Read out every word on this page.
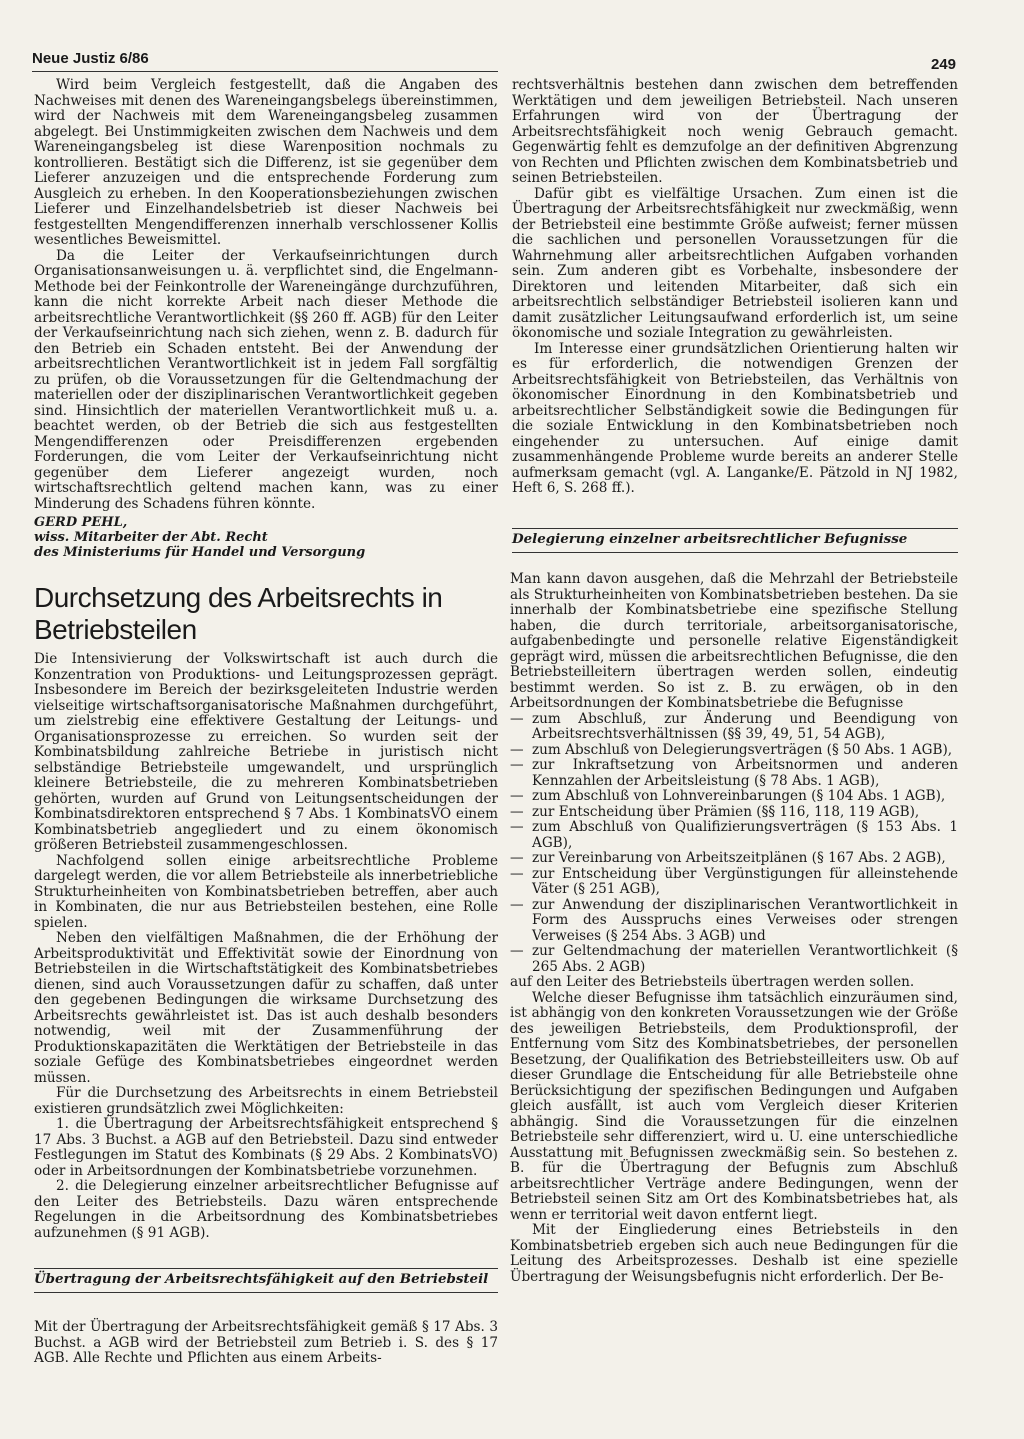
Neue Justiz 6/86	249

Wird beim Vergleich festgestellt, daß die Angaben des Nachweises mit denen des Wareneingangsbelegs übereinstimmen, wird der Nachweis mit dem Wareneingangsbeleg zusammen abgelegt. Bei Unstimmigkeiten zwischen dem Nachweis und dem Wareneingangsbeleg ist diese Warenposition nochmals zu kontrollieren. Bestätigt sich die Differenz, ist sie gegenüber dem Lieferer anzuzeigen und die entsprechende Forderung zum Ausgleich zu erheben. In den Kooperationsbeziehungen zwischen Lieferer und Einzelhandelsbetrieb ist dieser Nachweis bei festgestellten Mengendifferenzen innerhalb verschlossener Kollis wesentliches Beweismittel.

Da die Leiter der Verkaufseinrichtungen durch Organisationsanweisungen u. ä. verpflichtet sind, die Engelmann-Methode bei der Feinkontrolle der Wareneingänge durchzuführen, kann die nicht korrekte Arbeit nach dieser Methode die arbeitsrechtliche Verantwortlichkeit (§§ 260 ff. AGB) für den Leiter der Verkaufseinrichtung nach sich ziehen, wenn z. B. dadurch für den Betrieb ein Schaden entsteht. Bei der Anwendung der arbeitsrechtlichen Verantwortlichkeit ist in jedem Fall sorgfältig zu prüfen, ob die Voraussetzungen für die Geltendmachung der materiellen oder der disziplinarischen Verantwortlichkeit gegeben sind. Hinsichtlich der materiellen Verantwortlichkeit muß u. a. beachtet werden, ob der Betrieb die sich aus festgestellten Mengendifferenzen oder Preisdifferenzen ergebenden Forderungen, die vom Leiter der Verkaufseinrichtung nicht gegenüber dem Lieferer angezeigt wurden, noch wirtschaftsrechtlich geltend machen kann, was zu einer Minderung des Schadens führen könnte.

GERD PEHL,
wiss. Mitarbeiter der Abt. Recht
des Ministeriums für Handel und Versorgung

rechtsverhältnis bestehen dann zwischen dem betreffenden Werktätigen und dem jeweiligen Betriebsteil. Nach unseren Erfahrungen wird von der Übertragung der Arbeitsrechtsfähigkeit noch wenig Gebrauch gemacht. Gegenwärtig fehlt es demzufolge an der definitiven Abgrenzung von Rechten und Pflichten zwischen dem Kombinatsbetrieb und seinen Betriebsteilen.

Dafür gibt es vielfältige Ursachen. Zum einen ist die Übertragung der Arbeitsrechtsfähigkeit nur zweckmäßig, wenn der Betriebsteil eine bestimmte Größe aufweist; ferner müssen die sachlichen und personellen Voraussetzungen für die Wahrnehmung aller arbeitsrechtlichen Aufgaben vorhanden sein. Zum anderen gibt es Vorbehalte, insbesondere der Direktoren und leitenden Mitarbeiter, daß sich ein arbeitsrechtlich selbständiger Betriebsteil isolieren kann und damit zusätzlicher Leitungsaufwand erforderlich ist, um seine ökonomische und soziale Integration zu gewährleisten.

Im Interesse einer grundsätzlichen Orientierung halten wir es für erforderlich, die notwendigen Grenzen der Arbeitsrechtsfähigkeit von Betriebsteilen, das Verhältnis von ökonomischer Einordnung in den Kombinatsbetrieb und arbeitsrechtlicher Selbständigkeit sowie die Bedingungen für die soziale Entwicklung in den Kombinatsbetrieben noch eingehender zu untersuchen. Auf einige damit zusammenhängende Probleme wurde bereits an anderer Stelle aufmerksam gemacht (vgl. A. Langanke/E. Pätzold in NJ 1982, Heft 6, S. 268 ff.).

Delegierung einzelner arbeitsrechtlicher Befugnisse
Durchsetzung des Arbeitsrechts in Betriebsteilen

Die Intensivierung der Volkswirtschaft ist auch durch die Konzentration von Produktions- und Leitungsprozessen geprägt. Insbesondere im Bereich der bezirksgeleiteten Industrie werden vielseitige wirtschaftsorganisatorische Maßnahmen durchgeführt, um zielstrebig eine effektivere Gestaltung der Leitungs- und Organisationsprozesse zu erreichen. So wurden seit der Kombinatsbildung zahlreiche Betriebe in juristisch nicht selbständige Betriebsteile umgewandelt, und ursprünglich kleinere Betriebsteile, die zu mehreren Kombinatsbetrieben gehörten, wurden auf Grund von Leitungsentscheidungen der Kombinatsdirektoren entsprechend § 7 Abs. 1 KombinatsVO einem Kombinatsbetrieb angegliedert und zu einem ökonomisch größeren Betriebsteil zusammengeschlossen.

Nachfolgend sollen einige arbeitsrechtliche Probleme dargelegt werden, die vor allem Betriebsteile als innerbetriebliche Strukturheinheiten von Kombinatsbetrieben betreffen, aber auch in Kombinaten, die nur aus Betriebsteilen bestehen, eine Rolle spielen.

Neben den vielfältigen Maßnahmen, die der Erhöhung der Arbeitsproduktivität und Effektivität sowie der Einordnung von Betriebsteilen in die Wirtschaftstätigkeit des Kombinatsbetriebes dienen, sind auch Voraussetzungen dafür zu schaffen, daß unter den gegebenen Bedingungen die wirksame Durchsetzung des Arbeitsrechts gewährleistet ist. Das ist auch deshalb besonders notwendig, weil mit der Zusammenführung der Produktionskapazitäten die Werktätigen der Betriebsteile in das soziale Gefüge des Kombinatsbetriebes eingeordnet werden müssen.

Für die Durchsetzung des Arbeitsrechts in einem Betriebsteil existieren grundsätzlich zwei Möglichkeiten:

1. die Übertragung der Arbeitsrechtsfähigkeit entsprechend § 17 Abs. 3 Buchst. a AGB auf den Betriebsteil. Dazu sind entweder Festlegungen im Statut des Kombinats (§ 29 Abs. 2 KombinatsVO) oder in Arbeitsordnungen der Kombinatsbetriebe vorzunehmen.

2. die Delegierung einzelner arbeitsrechtlicher Befugnisse auf den Leiter des Betriebsteils. Dazu wären entsprechende Regelungen in die Arbeitsordnung des Kombinatsbetriebes aufzunehmen (§ 91 AGB).

Übertragung der Arbeitsrechtsfähigkeit auf den Betriebsteil

Mit der Übertragung der Arbeitsrechtsfähigkeit gemäß § 17 Abs. 3 Buchst. a AGB wird der Betriebsteil zum Betrieb i. S. des § 17 AGB. Alle Rechte und Pflichten aus einem Arbeits-

Man kann davon ausgehen, daß die Mehrzahl der Betriebsteile als Strukturheinheiten von Kombinatsbetrieben bestehen. Da sie innerhalb der Kombinatsbetriebe eine spezifische Stellung haben, die durch territoriale, arbeitsorganisatorische, aufgabenbedingte und personelle relative Eigenständigkeit geprägt wird, müssen die arbeitsrechtlichen Befugnisse, die den Betriebsteilleitern übertragen werden sollen, eindeutig bestimmt werden. So ist z. B. zu erwägen, ob in den Arbeitsordnungen der Kombinatsbetriebe die Befugnisse

— zum Abschluß, zur Änderung und Beendigung von Arbeitsrechtsverhältnissen (§§ 39, 49, 51, 54 AGB),
— zum Abschluß von Delegierungsverträgen (§ 50 Abs. 1 AGB),
— zur Inkraftsetzung von Arbeitsnormen und anderen Kennzahlen der Arbeitsleistung (§ 78 Abs. 1 AGB),
— zum Abschluß von Lohnvereinbarungen (§ 104 Abs. 1 AGB),
— zur Entscheidung über Prämien (§§ 116, 118, 119 AGB),
— zum Abschluß von Qualifizierungsverträgen (§ 153 Abs. 1 AGB),
— zur Vereinbarung von Arbeitszeitplänen (§ 167 Abs. 2 AGB),
— zur Entscheidung über Vergünstigungen für alleinstehende Väter (§ 251 AGB),
— zur Anwendung der disziplinarischen Verantwortlichkeit in Form des Ausspruchs eines Verweises oder strengen Verweises (§ 254 Abs. 3 AGB) und
— zur Geltendmachung der materiellen Verantwortlichkeit (§ 265 Abs. 2 AGB)

auf den Leiter des Betriebsteils übertragen werden sollen.

Welche dieser Befugnisse ihm tatsächlich einzuräumen sind, ist abhängig von den konkreten Voraussetzungen wie der Größe des jeweiligen Betriebsteils, dem Produktionsprofil, der Entfernung vom Sitz des Kombinatsbetriebes, der personellen Besetzung, der Qualifikation des Betriebsteilleiters usw. Ob auf dieser Grundlage die Entscheidung für alle Betriebsteile ohne Berücksichtigung der spezifischen Bedingungen und Aufgaben gleich ausfällt, ist auch vom Vergleich dieser Kriterien abhängig. Sind die Voraussetzungen für die einzelnen Betriebsteile sehr differenziert, wird u. U. eine unterschiedliche Ausstattung mit Befugnissen zweckmäßig sein. So bestehen z. B. für die Übertragung der Befugnis zum Abschluß arbeitsrechtlicher Verträge andere Bedingungen, wenn der Betriebsteil seinen Sitz am Ort des Kombinatsbetriebes hat, als wenn er territorial weit davon entfernt liegt.

Mit der Eingliederung eines Betriebsteils in den Kombinatsbetrieb ergeben sich auch neue Bedingungen für die Leitung des Arbeitsprozesses. Deshalb ist eine spezielle Übertragung der Weisungsbefugnis nicht erforderlich. Der Be-
